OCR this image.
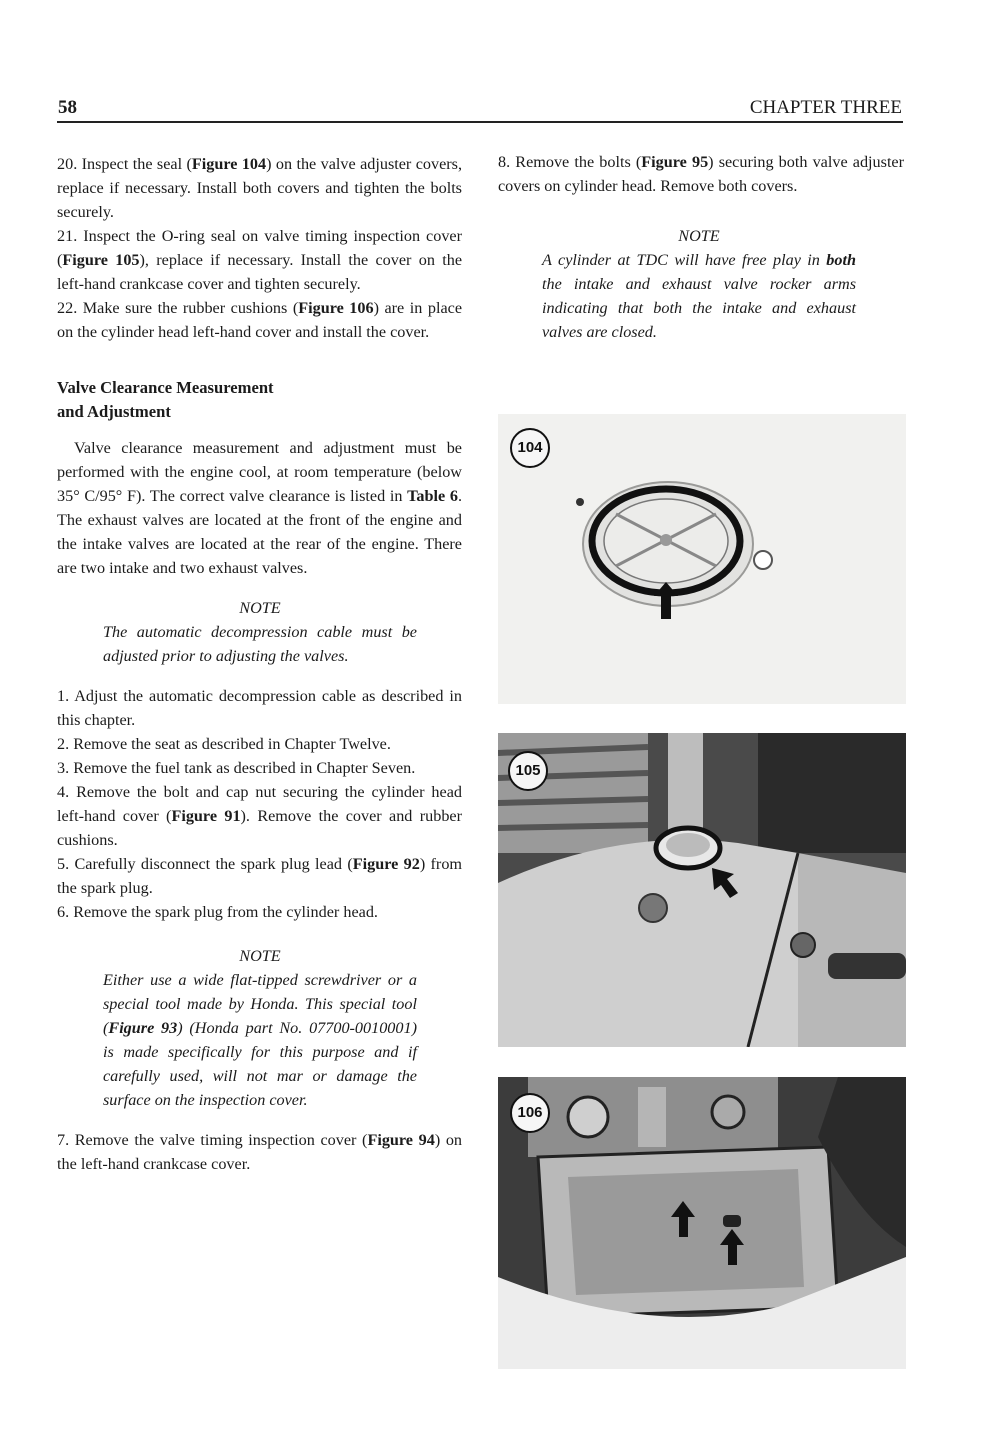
58	CHAPTER THREE

20. Inspect the seal (Figure 104) on the valve adjuster covers, replace if necessary. Install both covers and tighten the bolts securely.

21. Inspect the O-ring seal on valve timing inspection cover (Figure 105), replace if necessary. Install the cover on the left-hand crankcase cover and tighten securely.

22. Make sure the rubber cushions (Figure 106) are in place on the cylinder head left-hand cover and install the cover.

Valve Clearance Measurement
and Adjustment

Valve clearance measurement and adjustment must be performed with the engine cool, at room temperature (below 35° C/95° F). The correct valve clearance is listed in Table 6. The exhaust valves are located at the front of the engine and the intake valves are located at the rear of the engine. There are two intake and two exhaust valves.

NOTE

The automatic decompression cable must be adjusted prior to adjusting the valves.

1. Adjust the automatic decompression cable as described in this chapter.

2. Remove the seat as described in Chapter Twelve.

3. Remove the fuel tank as described in Chapter Seven.

4. Remove the bolt and cap nut securing the cylinder head left-hand cover (Figure 91). Remove the cover and rubber cushions.

5. Carefully disconnect the spark plug lead (Figure 92) from the spark plug.

6. Remove the spark plug from the cylinder head.

NOTE

Either use a wide flat-tipped screwdriver or a special tool made by Honda. This special tool (Figure 93) (Honda part No. 07700-0010001) is made specifically for this purpose and if carefully used, will not mar or damage the surface on the inspection cover.

7. Remove the valve timing inspection cover (Figure 94) on the left-hand crankcase cover.

8. Remove the bolts (Figure 95) securing both valve adjuster covers on cylinder head. Remove both covers.

NOTE

A cylinder at TDC will have free play in both the intake and exhaust valve rocker arms indicating that both the intake and exhaust valves are closed.

104
105
106
